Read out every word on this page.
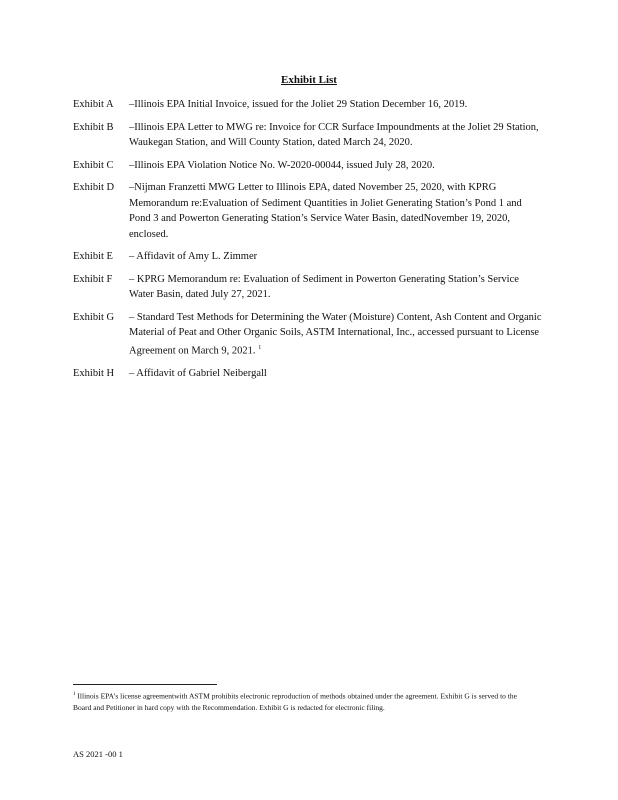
Exhibit List
Exhibit A	–Illinois EPA Initial Invoice, issued for the Joliet 29 Station December 16, 2019.
Exhibit B	–Illinois EPA Letter to MWG re: Invoice for CCR Surface Impoundments at the Joliet 29 Station, Waukegan Station, and Will County Station, dated March 24, 2020.
Exhibit C	–Illinois EPA Violation Notice No. W-2020-00044, issued July 28, 2020.
Exhibit D	–Nijman Franzetti MWG Letter to Illinois EPA, dated November 25, 2020, with KPRG Memorandum re:Evaluation of Sediment Quantities in Joliet Generating Station’s Pond 1 and Pond 3 and Powerton Generating Station’s Service Water Basin, datedNovember 19, 2020, enclosed.
Exhibit E	– Affidavit of Amy L. Zimmer
Exhibit F	– KPRG Memorandum re: Evaluation of Sediment in Powerton Generating Station’s Service Water Basin, dated July 27, 2021.
Exhibit G	– Standard Test Methods for Determining the Water (Moisture) Content, Ash Content and Organic Material of Peat and Other Organic Soils, ASTM International, Inc., accessed pursuant to License Agreement on March 9, 2021. $^1$
Exhibit H	– Affidavit of Gabriel Neibergall
$^1$ Illinois EPA’s license agreementwith ASTM prohibits electronic reproduction of methods obtained under the agreement. Exhibit G is served to the Board and Petitioner in hard copy with the Recommendation. Exhibit G is redacted for electronic filing.
AS 2021 -00 1
